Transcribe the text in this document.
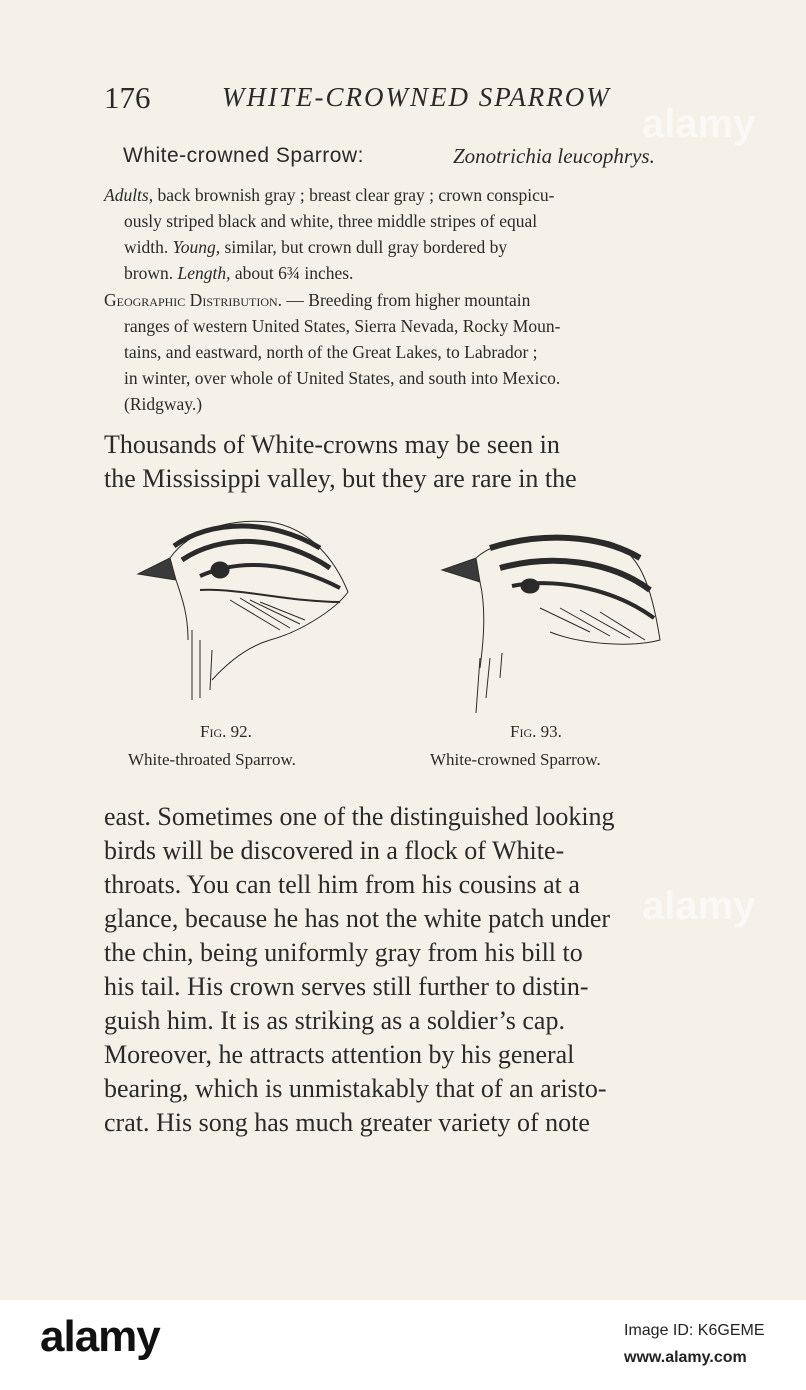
176	WHITE-CROWNED SPARROW
White-crowned Sparrow:	Zonotrichia leucophrys.
Adults, back brownish gray ; breast clear gray ; crown conspicu-
ously striped black and white, three middle stripes of equal
width. Young, similar, but crown dull gray bordered by
brown. Length, about 6¾ inches.
Geographic Distribution. — Breeding from higher mountain
ranges of western United States, Sierra Nevada, Rocky Moun-
tains, and eastward, north of the Great Lakes, to Labrador ;
in winter, over whole of United States, and south into Mexico.
(Ridgway.)
Thousands of White-crowns may be seen in
the Mississippi valley, but they are rare in the
Fig. 92.
White-throated Sparrow.
Fig. 93.
White-crowned Sparrow.
east. Sometimes one of the distinguished looking
birds will be discovered in a flock of White-
throats. You can tell him from his cousins at a
glance, because he has not the white patch under
the chin, being uniformly gray from his bill to
his tail. His crown serves still further to distin-
guish him. It is as striking as a soldier’s cap.
Moreover, he attracts attention by his general
bearing, which is unmistakably that of an aristo-
crat. His song has much greater variety of note
alamy
alamy
alamy	Image ID: K6GEME
www.alamy.com
